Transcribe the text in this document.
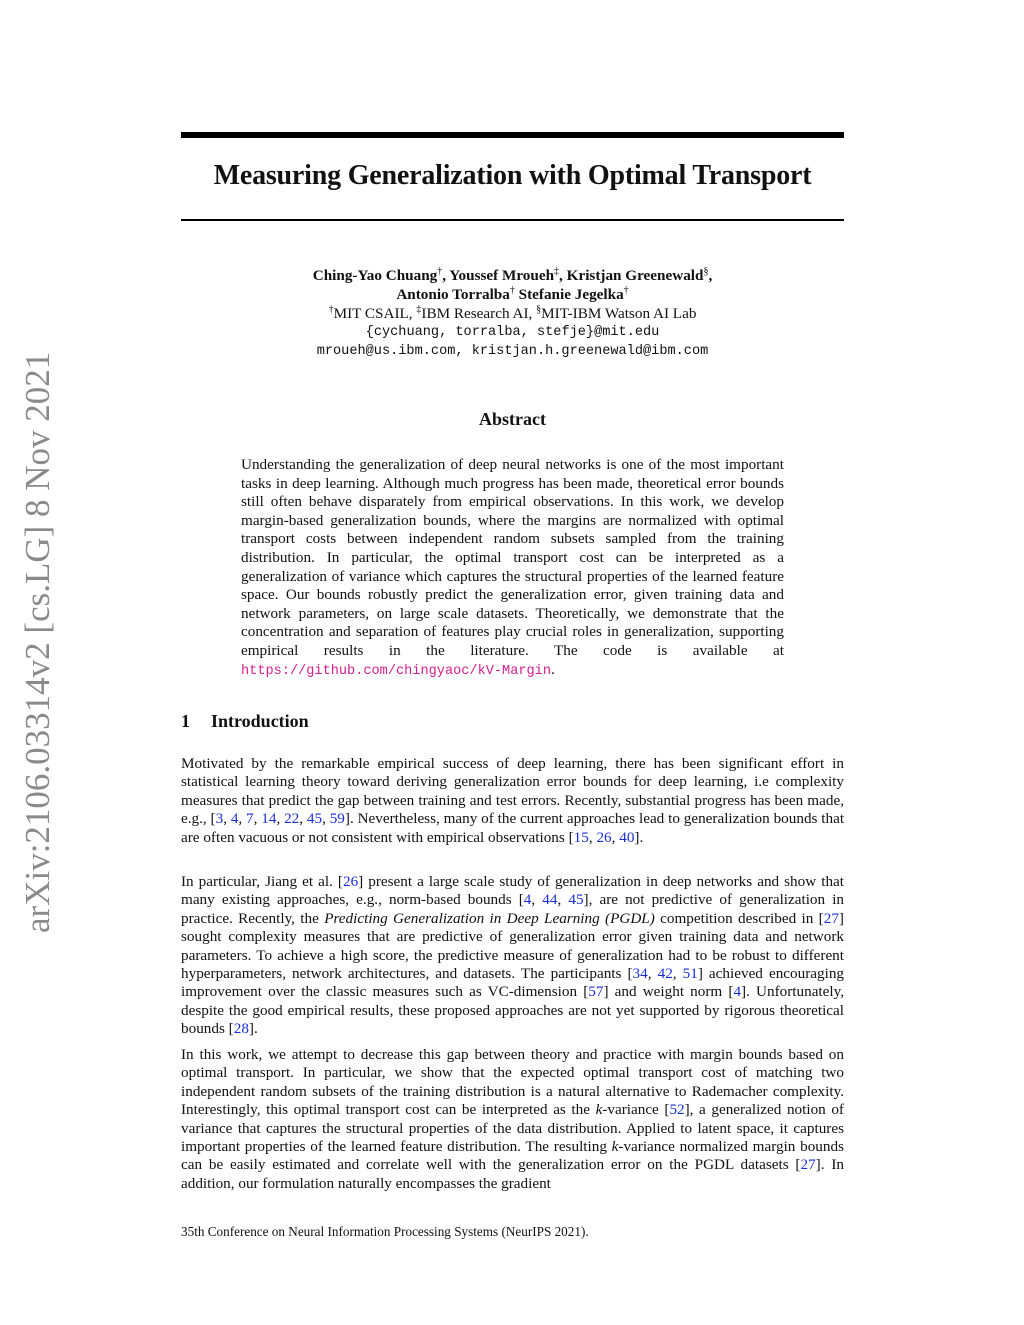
arXiv:2106.03314v2 [cs.LG] 8 Nov 2021
Measuring Generalization with Optimal Transport
Ching-Yao Chuang†, Youssef Mroueh‡, Kristjan Greenewald§,
Antonio Torralba† Stefanie Jegelka†
†MIT CSAIL, ‡IBM Research AI, §MIT-IBM Watson AI Lab
{cychuang, torralba, stefje}@mit.edu
mroueh@us.ibm.com, kristjan.h.greenewald@ibm.com
Abstract
Understanding the generalization of deep neural networks is one of the most important tasks in deep learning. Although much progress has been made, theoretical error bounds still often behave disparately from empirical observations. In this work, we develop margin-based generalization bounds, where the margins are normalized with optimal transport costs between independent random subsets sampled from the training distribution. In particular, the optimal transport cost can be interpreted as a generalization of variance which captures the structural properties of the learned feature space. Our bounds robustly predict the generalization error, given training data and network parameters, on large scale datasets. Theoretically, we demonstrate that the concentration and separation of features play crucial roles in generalization, supporting empirical results in the literature. The code is available at https://github.com/chingyaoc/kV-Margin.
1 Introduction
Motivated by the remarkable empirical success of deep learning, there has been significant effort in statistical learning theory toward deriving generalization error bounds for deep learning, i.e complexity measures that predict the gap between training and test errors. Recently, substantial progress has been made, e.g., [3, 4, 7, 14, 22, 45, 59]. Nevertheless, many of the current approaches lead to generalization bounds that are often vacuous or not consistent with empirical observations [15, 26, 40].
In particular, Jiang et al. [26] present a large scale study of generalization in deep networks and show that many existing approaches, e.g., norm-based bounds [4, 44, 45], are not predictive of generalization in practice. Recently, the Predicting Generalization in Deep Learning (PGDL) competition described in [27] sought complexity measures that are predictive of generalization error given training data and network parameters. To achieve a high score, the predictive measure of generalization had to be robust to different hyperparameters, network architectures, and datasets. The participants [34, 42, 51] achieved encouraging improvement over the classic measures such as VC-dimension [57] and weight norm [4]. Unfortunately, despite the good empirical results, these proposed approaches are not yet supported by rigorous theoretical bounds [28].
In this work, we attempt to decrease this gap between theory and practice with margin bounds based on optimal transport. In particular, we show that the expected optimal transport cost of matching two independent random subsets of the training distribution is a natural alternative to Rademacher complexity. Interestingly, this optimal transport cost can be interpreted as the k-variance [52], a generalized notion of variance that captures the structural properties of the data distribution. Applied to latent space, it captures important properties of the learned feature distribution. The resulting k-variance normalized margin bounds can be easily estimated and correlate well with the generalization error on the PGDL datasets [27]. In addition, our formulation naturally encompasses the gradient
35th Conference on Neural Information Processing Systems (NeurIPS 2021).
